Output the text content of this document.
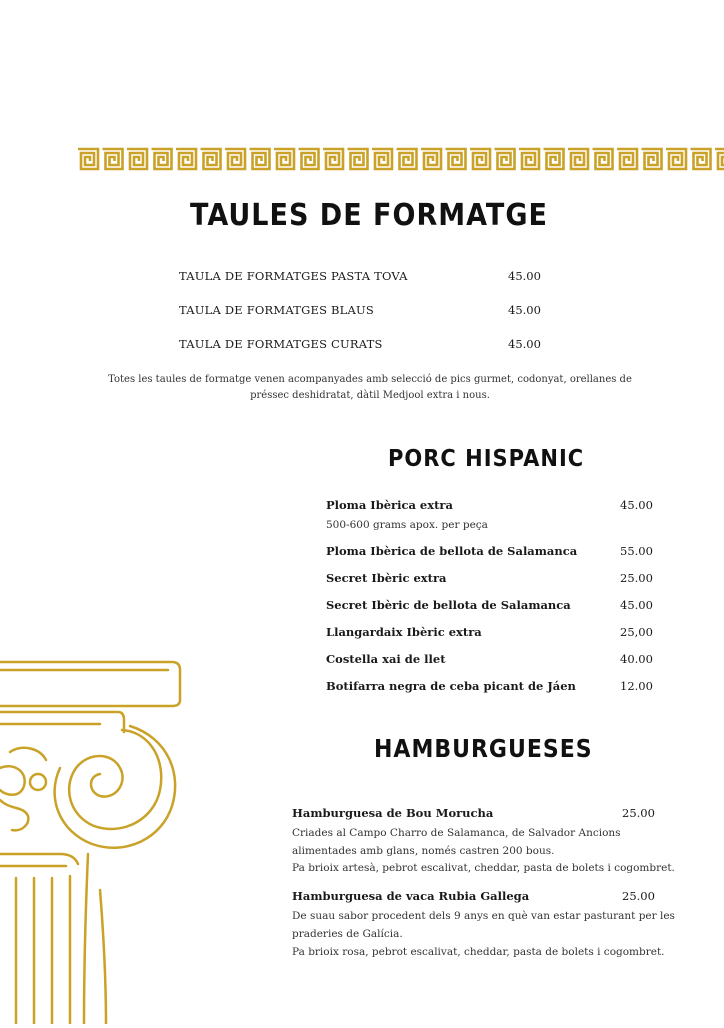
TAULES DE FORMATGE
TAULA DE FORMATGES PASTA TOVA	45.00
TAULA DE FORMATGES BLAUS	45.00
TAULA DE FORMATGES CURATS	45.00
Totes les taules de formatge venen acompanyades amb selecció de pics gurmet, codonyat, orellanes de préssec deshidratat, dàtil Medjool extra i nous.
PORC HISPANIC
Ploma Ibèrica extra	45.00
500-600 grams apox. per peça
Ploma Ibèrica de bellota de Salamanca	55.00
Secret Ibèric extra	25.00
Secret Ibèric de bellota de Salamanca	45.00
Llangardaix Ibèric extra	25,00
Costella xai de llet	40.00
Botifarra negra de ceba picant de Jáen	12.00
HAMBURGUESES
Hamburguesa de Bou Morucha	25.00
Criades al Campo Charro de Salamanca, de Salvador Ancions alimentades amb glans, només castren 200 bous.
Pa brioix artesà, pebrot escalivat, cheddar, pasta de bolets i cogombret.
Hamburguesa de vaca Rubia Gallega	25.00
De suau sabor procedent dels 9 anys en què van estar pasturant per les praderies de Galícia.
Pa brioix rosa, pebrot escalivat, cheddar, pasta de bolets i cogombret.
